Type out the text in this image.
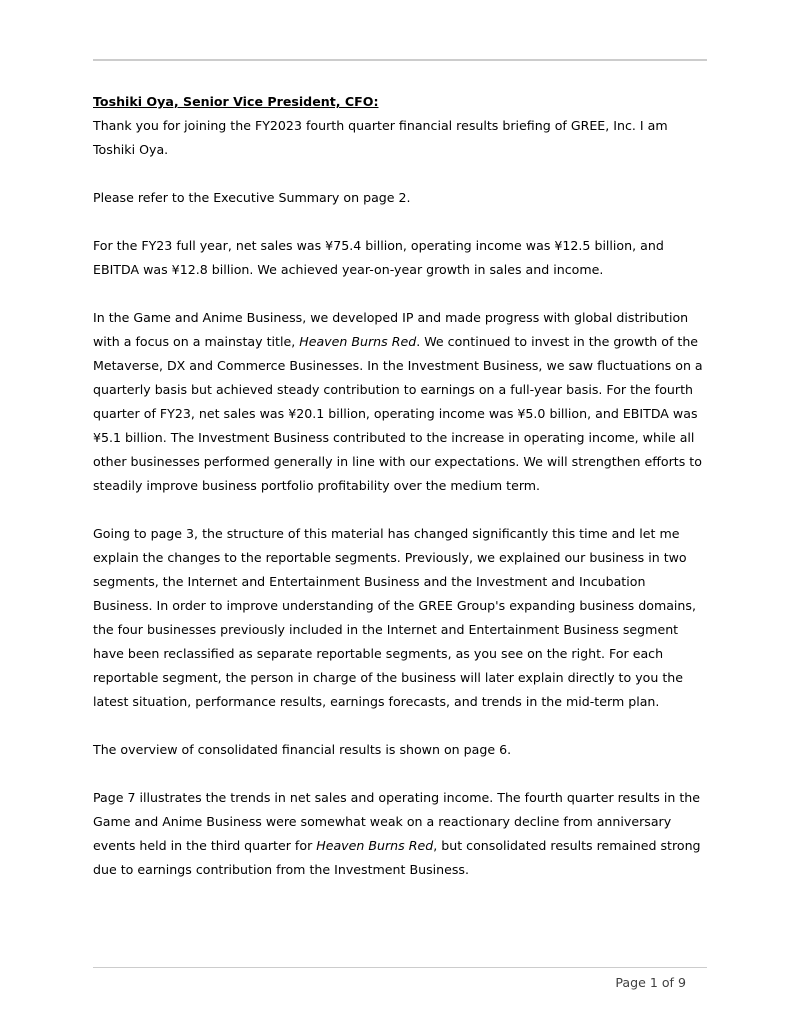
Toshiki Oya, Senior Vice President, CFO:

Thank you for joining the FY2023 fourth quarter financial results briefing of GREE, Inc. I am Toshiki Oya.

Please refer to the Executive Summary on page 2.

For the FY23 full year, net sales was ¥75.4 billion, operating income was ¥12.5 billion, and EBITDA was ¥12.8 billion. We achieved year-on-year growth in sales and income.

In the Game and Anime Business, we developed IP and made progress with global distribution with a focus on a mainstay title, Heaven Burns Red. We continued to invest in the growth of the Metaverse, DX and Commerce Businesses. In the Investment Business, we saw fluctuations on a quarterly basis but achieved steady contribution to earnings on a full-year basis. For the fourth quarter of FY23, net sales was ¥20.1 billion, operating income was ¥5.0 billion, and EBITDA was ¥5.1 billion. The Investment Business contributed to the increase in operating income, while all other businesses performed generally in line with our expectations. We will strengthen efforts to steadily improve business portfolio profitability over the medium term.

Going to page 3, the structure of this material has changed significantly this time and let me explain the changes to the reportable segments. Previously, we explained our business in two segments, the Internet and Entertainment Business and the Investment and Incubation Business. In order to improve understanding of the GREE Group's expanding business domains, the four businesses previously included in the Internet and Entertainment Business segment have been reclassified as separate reportable segments, as you see on the right. For each reportable segment, the person in charge of the business will later explain directly to you the latest situation, performance results, earnings forecasts, and trends in the mid-term plan.

The overview of consolidated financial results is shown on page 6.

Page 7 illustrates the trends in net sales and operating income. The fourth quarter results in the Game and Anime Business were somewhat weak on a reactionary decline from anniversary events held in the third quarter for Heaven Burns Red, but consolidated results remained strong due to earnings contribution from the Investment Business.

Page 1 of 9
